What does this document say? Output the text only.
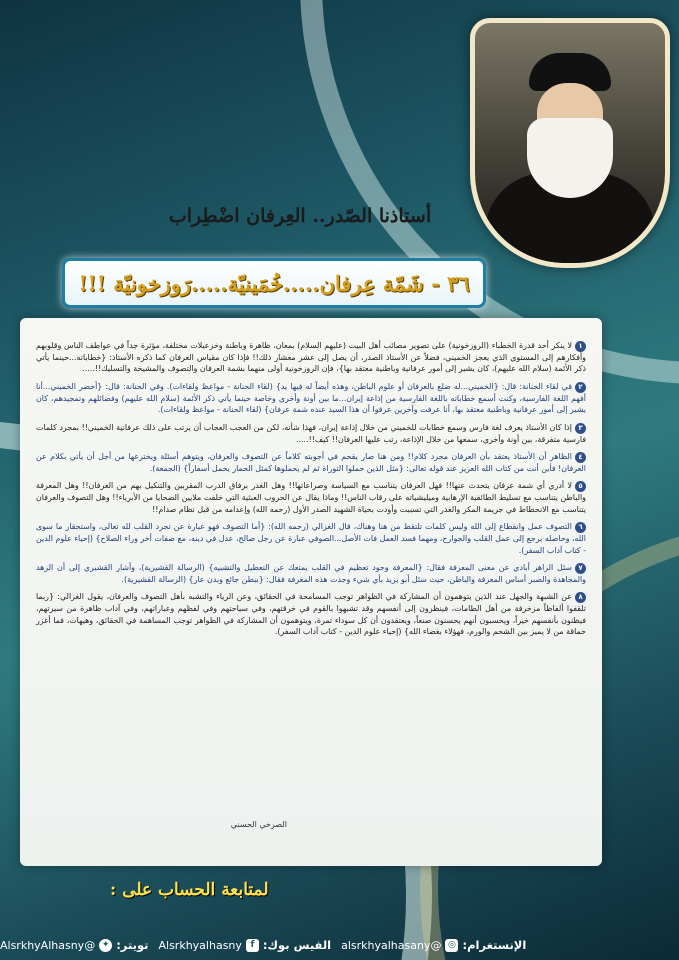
أستاذنا الصّدر.. العِرفان اضْطِراب
٣٦ - شَمّة عِرفان.....خُمَينيّة.....رَوزخونيّة !!!

١لا ينكر أحد قدرة الخطباء (الروزخونية) على تصوير مصائب أهل البيت (عليهم السلام) بمعان، ظاهرة وباطنة وخزعبلات مختلفة، مؤثرة جداً في عواطف الناس وقلوبهم وأفكارهم إلى المستوى الذي يعجز الخميني، فضلاً عن الأستاذ الصدر، أن يصل إلى عشر معشار ذلك!! فإذا كان مقياس العرفان كما ذكره الأستاذ: {خطاباته...حينما يأتي ذكر الأئمة (سلام الله عليهم)، كان يشير إلى أمور عرفانية وباطنية معتقد بها}، فإن الروزخونية أولى منهما بشمة العرفان والتصوف والمشيخة والتسليك!!.....

٢في لقاء الحنانة: قال: {الخميني...له ضلع بالعرفان أو علوم الباطن، وهذه أيضاً له فيها يد} (لقاء الحنانة - مواعظ ولقاءات). وفي الحنانة: قال: {أحضر الخميني...أنا أفهم اللغة الفارسية، وكنت أسمع خطاباته باللغة الفارسية من إذاعة إيران...ما بين أونة وأخرى وخاصة حينما يأتي ذكر الأئمة (سلام الله عليهم) وفضائلهم وتمجيدهم، كان يشير إلى أمور عرفانية وباطنية معتقد بها، أنا عرفت وآخرين عرفوا أن هذا السيد عنده شمة عرفان} (لقاء الحنانة - مواعظ ولقاءات).

٣إذا كان الأستاذ يعرف لغة فارس وسمع خطابات للخميني من خلال إذاعة إيران، فهذا شأنه، لكن من العجب العجاب أن يرتب على ذلك عرفانية الخميني!! بمجرد كلمات فارسية متفرقة، بين أونة وأخرى، سمعها من خلال الإذاعة، رتب عليها العرفان!! كيف!!.....

٤الظاهر أن الأستاذ يعتقد بأن العرفان مجرد كلام!! ومن هنا صار يقحم في أجوبته كلاماً عن التصوف والعرفان، ويتوهم أسئلة ويخترعها من أجل أن يأتي بكلام عن العرفان! فأين أنت من كتاب الله العزيز عند قوله تعالى: {مثل الذين حملوا التوراة ثم لم يحملوها كمثل الحمار يحمل أسفاراً} (الجمعة).

٥لا أدري أي شمة عرفان يتحدث عنها!! فهل العرفان يتناسب مع السياسة وصراعاتها!! وهل الغدر برفاق الدرب المقربين والتنكيل بهم من العرفان!! وهل المعرفة والباطن يتناسب مع تسليط الطائفية الإرهابية وميليشياته على رقاب الناس!! وماذا يقال عن الحروب العبثية التي خلفت ملايين الضحايا من الأبرياء!! وهل التصوف والعرفان يتناسب مع الانحطاط في جريمة المكر والغدر التي تسببت وأودت بحياة الشهيد الصدر الأول (رحمه الله) وإعدامه من قبل نظام صدام!!

٦التصوف عمل وانقطاع إلى الله وليس كلمات تلتقط من هنا وهناك، قال الغزالي (رحمه الله): {أما التصوف فهو عبارة عن تجرد القلب لله تعالى، واستحقار ما سوى الله، وحاصله يرجع إلى عمل القلب والجوارح، ومهما فسد العمل فات الأصل...الصوفي عبارة عن رجل صالح، عدل في دينه، مع صفات أخر وراء الصلاح} (إحياء علوم الدين - كتاب آداب السفر).

٧سئل الزاهر أبادي عن معنى المعرفة فقال: {المعرفة وجود تعظيم في القلب يمنعك عن التعطيل والتشبيه} (الرسالة القشيرية)، وأشار القشيري إلى أن الزهد والمجاهدة والصبر أساس المعرفة والباطن، حيث سئل أبو يزيد بأي شيء وجدت هذه المعرفة فقال: {ببطن جائع وبدن عار} (الرسالة القشيرية).

٨عن الشبهة والجهل عند الذين يتوهمون أن المشاركة في الظواهر توجب المسامحة في الحقائق، وعن الرياء والتشبه بأهل التصوف والعرفان، يقول الغزالي: {ربما تلقفوا ألفاظاً مزخرفة من أهل الطامات، فينظرون إلى أنفسهم وقد تشبهوا بالقوم في خرقتهم، وفي سياحتهم وفي لفظهم وعباراتهم، وفي آداب ظاهرة من سيرتهم، فيظنون بأنفسهم خيراً، ويحسبون أنهم يحسنون صنعاً، ويعتقدون أن كل سوداء تمرة، ويتوهمون أن المشاركة في الظواهر توجب المساهمة في الحقائق، وهيهات، فما أغزر حماقة من لا يميز بين الشحم والورم، فهؤلاء بغضاء الله} (إحياء علوم الدين - كتاب آداب السفر).

الصرخي الحسني
لمتابعة الحساب على :
الإنستغرام:
◎
@alsrkhyalhasany
الفيس بوك:
f
Alsrkhyalhasny
تويتر:
✦
@AlsrkhyAlhasny
